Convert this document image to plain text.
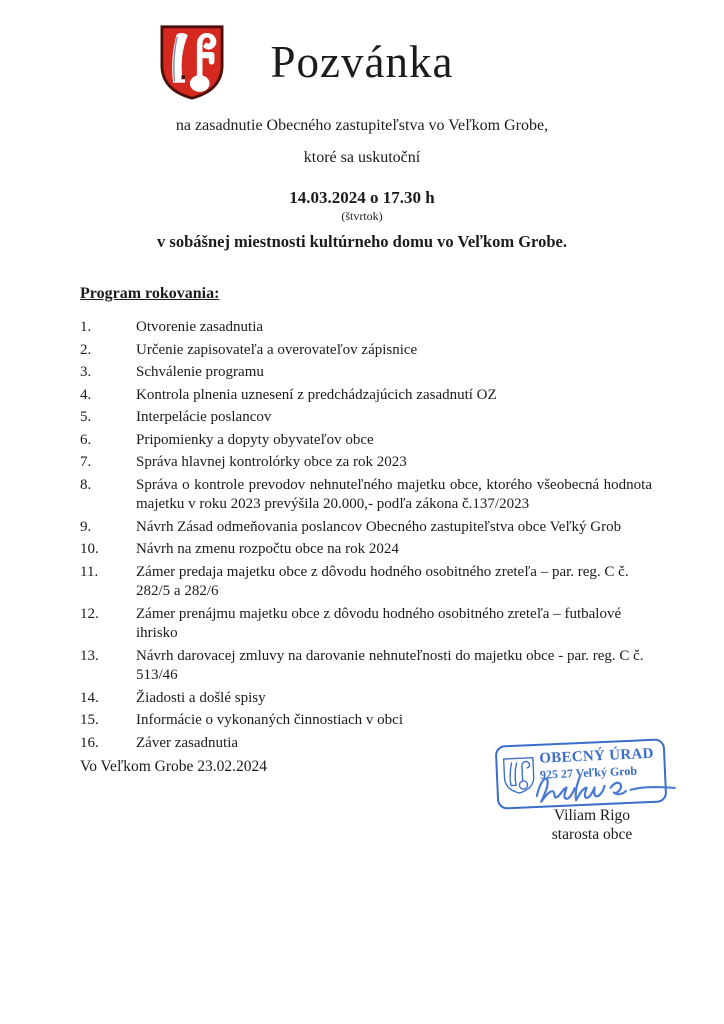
Pozvánka
na zasadnutie Obecného zastupiteľstva vo Veľkom Grobe,
ktoré sa uskutoční
14.03.2024 o 17.30 h
(štvrtok)
v sobášnej miestnosti kultúrneho domu vo Veľkom Grobe.
Program rokovania:
1.	Otvorenie zasadnutia
2.	Určenie zapisovateľa a overovateľov zápisnice
3.	Schválenie programu
4.	Kontrola plnenia uznesení z predchádzajúcich zasadnutí OZ
5.	Interpelácie poslancov
6.	Pripomienky a dopyty obyvateľov obce
7.	Správa hlavnej kontrolórky obce za rok 2023
8.	Správa o kontrole prevodov nehnuteľného majetku obce, ktorého všeobecná hodnota majetku v roku 2023 prevýšila 20.000,- podľa zákona č.137/2023
9.	Návrh Zásad odmeňovania poslancov Obecného zastupiteľstva obce Veľký Grob
10.	Návrh na zmenu rozpočtu obce na rok 2024
11.	Zámer predaja majetku obce z dôvodu hodného osobitného zreteľa – par. reg. C č. 282/5 a 282/6
12.	Zámer prenájmu majetku obce z dôvodu hodného osobitného zreteľa – futbalové ihrisko
13.	Návrh darovacej zmluvy na darovanie nehnuteľnosti do majetku obce - par. reg. C č. 513/46
14.	Žiadosti a došlé spisy
15.	Informácie o vykonaných činnostiach v obci
16.	Záver zasadnutia
Vo Veľkom Grobe 23.02.2024	OBECNÝ ÚRAD
925 27 Veľký Grob
Viliam Rigo
starosta obce
